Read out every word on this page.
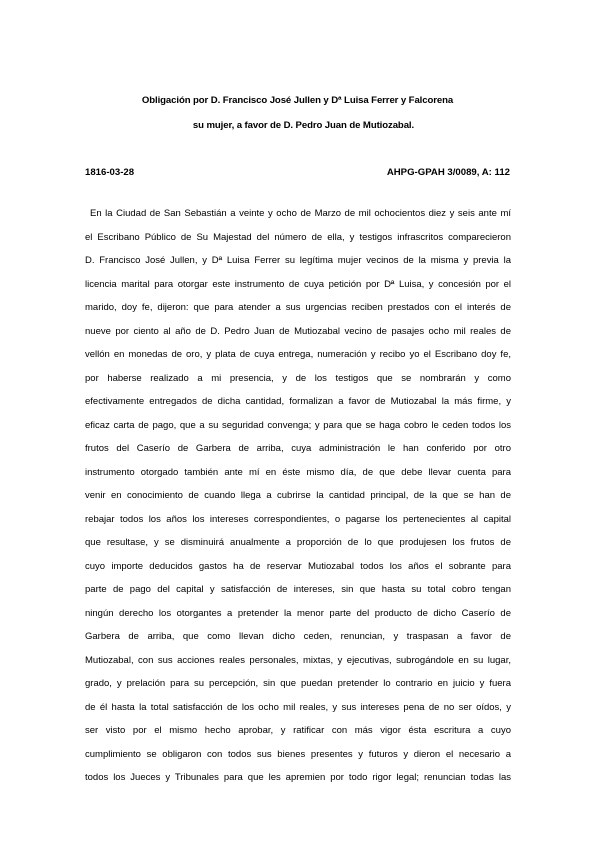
Obligación por D. Francisco José Jullen y Dª Luisa Ferrer y Falcorena
su mujer, a favor de D. Pedro Juan de Mutiozabal.
1816-03-28	AHPG-GPAH 3/0089, A: 112
En la Ciudad de San Sebastián a veinte y ocho de Marzo de mil ochocientos diez y seis ante mí
el Escribano Público de Su Majestad del número de ella, y testigos infrascritos comparecieron
D. Francisco José Jullen, y Dª Luisa Ferrer su legítima mujer vecinos de la misma y previa la
licencia marital para otorgar este instrumento de cuya petición por Dª Luisa, y concesión por el
marido, doy fe, dijeron: que para atender a sus urgencias reciben prestados con el interés de
nueve por ciento al año de D. Pedro Juan de Mutiozabal vecino de pasajes ocho mil reales de
vellón en monedas de oro, y plata de cuya entrega, numeración y recibo yo el Escribano doy fe,
por haberse realizado a mi presencia, y de los testigos que se nombrarán y como
efectivamente entregados de dicha cantidad, formalizan a favor de Mutiozabal la más firme, y
eficaz carta de pago, que a su seguridad convenga; y para que se haga cobro le ceden todos los
frutos del Caserío de Garbera de arriba, cuya administración le han conferido por otro
instrumento otorgado también ante mí en éste mismo día, de que debe llevar cuenta para
venir en conocimiento de cuando llega a cubrirse la cantidad principal, de la que se han de
rebajar todos los años los intereses correspondientes, o pagarse los pertenecientes al capital
que resultase, y se disminuirá anualmente a proporción de lo que produjesen los frutos de
cuyo importe deducidos gastos ha de reservar Mutiozabal todos los años el sobrante para
parte de pago del capital y satisfacción de intereses, sin que hasta su total cobro tengan
ningún derecho los otorgantes a pretender la menor parte del producto de dicho Caserío de
Garbera de arriba, que como llevan dicho ceden, renuncian, y traspasan a favor de
Mutiozabal, con sus acciones reales personales, mixtas, y ejecutivas, subrogándole en su lugar,
grado, y prelación para su percepción, sin que puedan pretender lo contrario en juicio y fuera
de él hasta la total satisfacción de los ocho mil reales, y sus intereses pena de no ser oídos, y
ser visto por el mismo hecho aprobar, y ratificar con más vigor ésta escritura a cuyo
cumplimiento se obligaron con todos sus bienes presentes y futuros y dieron el necesario a
todos los Jueces y Tribunales para que les apremien por todo rigor legal; renuncian todas las
